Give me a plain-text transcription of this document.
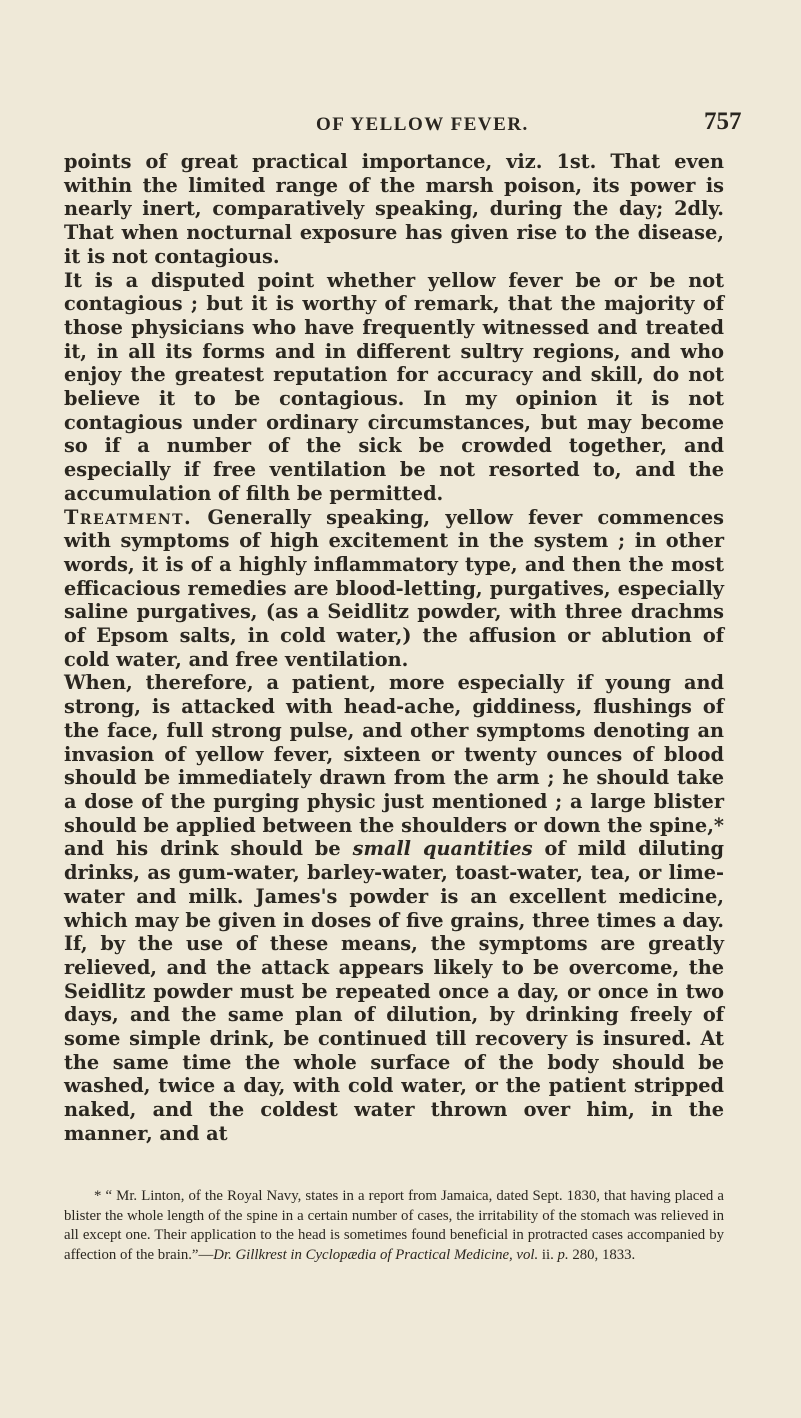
OF YELLOW FEVER.	757

points of great practical importance, viz. 1st. That even within the limited range of the marsh poison, its power is nearly inert, comparatively speaking, during the day; 2dly. That when nocturnal exposure has given rise to the disease, it is not contagious.

It is a disputed point whether yellow fever be or be not contagious ; but it is worthy of remark, that the majority of those physicians who have frequently witnessed and treated it, in all its forms and in different sultry regions, and who enjoy the greatest reputation for accuracy and skill, do not believe it to be contagious. In my opinion it is not contagious under ordinary circumstances, but may become so if a number of the sick be crowded together, and especially if free ventilation be not resorted to, and the accumulation of filth be permitted.

Treatment. Generally speaking, yellow fever commences with symptoms of high excitement in the system ; in other words, it is of a highly inflammatory type, and then the most efficacious remedies are blood-letting, purgatives, especially saline purgatives, (as a Seidlitz powder, with three drachms of Epsom salts, in cold water,) the affusion or ablution of cold water, and free ventilation.

When, therefore, a patient, more especially if young and strong, is attacked with head-ache, giddiness, flushings of the face, full strong pulse, and other symptoms denoting an invasion of yellow fever, sixteen or twenty ounces of blood should be immediately drawn from the arm ; he should take a dose of the purging physic just mentioned ; a large blister should be applied between the shoulders or down the spine,* and his drink should be small quantities of mild diluting drinks, as gum-water, barley-water, toast-water, tea, or lime-water and milk. James's powder is an excellent medicine, which may be given in doses of five grains, three times a day. If, by the use of these means, the symptoms are greatly relieved, and the attack appears likely to be overcome, the Seidlitz powder must be repeated once a day, or once in two days, and the same plan of dilution, by drinking freely of some simple drink, be continued till recovery is insured. At the same time the whole surface of the body should be washed, twice a day, with cold water, or the patient stripped naked, and the coldest water thrown over him, in the manner, and at

* “ Mr. Linton, of the Royal Navy, states in a report from Jamaica, dated Sept. 1830, that having placed a blister the whole length of the spine in a certain number of cases, the irritability of the stomach was relieved in all except one. Their application to the head is sometimes found beneficial in protracted cases accompanied by affection of the brain.”—Dr. Gillkrest in Cyclopædia of Practical Medicine, vol. ii. p. 280, 1833.
